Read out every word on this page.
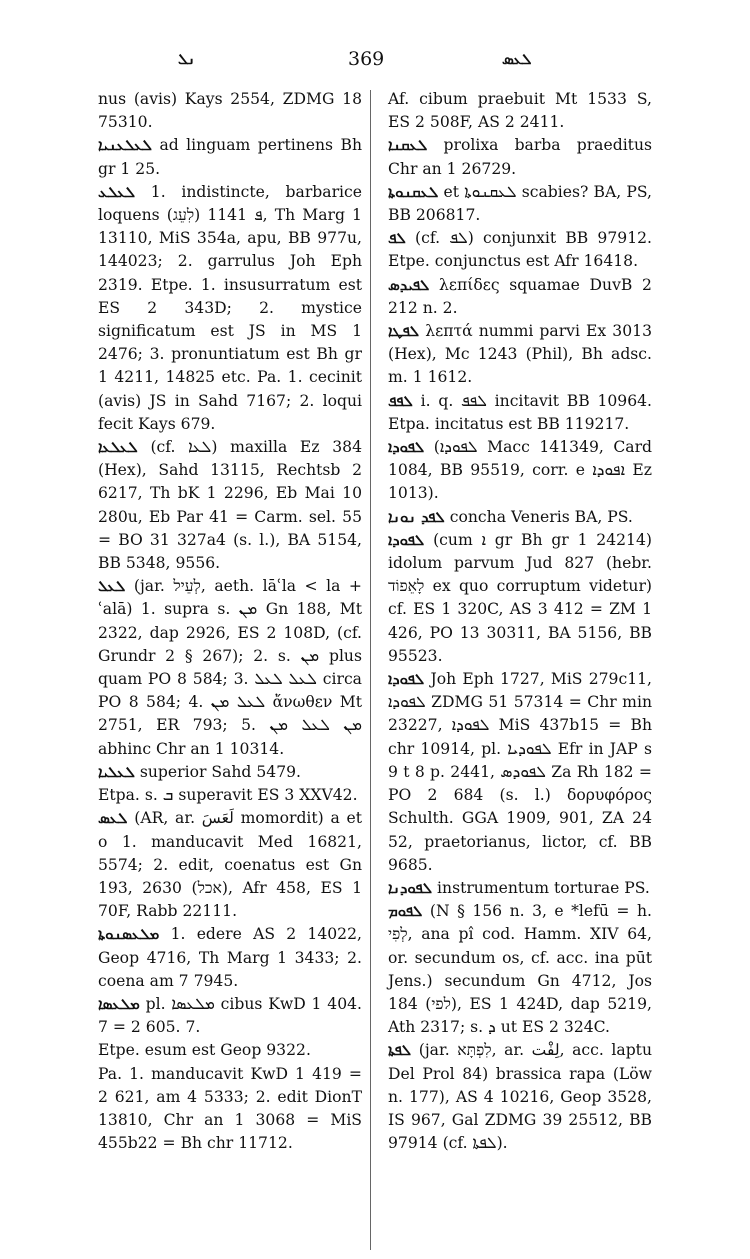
ܢܠ	369	ܠܥܣ

nus (avis) Kays 2554, ZDMG 18 75310.

ܠܥܠܥܢܝܐ ad linguam pertinens Bh gr 1 25.

ܠܥܠܥ 1. indistincte, barbarice loquens ܦ 1141 (לִעֵג), Th Marg 1 13110, MiS 354a, apu, BB 977u, 144023; 2. garrulus Joh Eph 2319. Etpe. 1. insusurratum est ES 2 343D; 2. mystice significatum est JS in MS 1 2476; 3. pronuntiatum est Bh gr 1 4211, 14825 etc. Pa. 1. cecinit (avis) JS in Sahd 7167; 2. loqui fecit Kays 679.

ܠܥܠܥܐ (cf. ܠܥܐ) maxilla Ez 384 (Hex), Sahd 13115, Rechtsb 2 6217, Th bK 1 2296, Eb Mai 10 280u, Eb Par 41 = Carm. sel. 55 = BO 31 327a4 (s. l.), BA 5154, BB 5348, 9556.

ܠܥܠ (jar. לְעֵיל, aeth. lāʿla < la + ʿalā) 1. supra s. ܡܢ Gn 188, Mt 2322, dap 2926, ES 2 108D, (cf. Grundr 2 § 267); 2. s. ܡܢ plus quam PO 8 584; 3. ܠܥܠ ܠܥܠ circa PO 8 584; 4. ܠܥܠ ܡܢ ἄνωθεν Mt 2751, ER 793; 5. ܡܢ ܠܥܠ ܡܢ abhinc Chr an 1 10314.

ܠܥܠܝܐ superior Sahd 5479.

Etpa. s. ܒ superavit ES 3 XXV42.

ܠܥܣ (AR, ar. لَعَسَ momordit) a et o 1. manducavit Med 16821, 5574; 2. edit, coenatus est Gn 193, 2630 (אכל), Afr 458, ES 1 70F, Rabb 22111.

ܡܠܥܣܢܘܬܐ 1. edere AS 2 14022, Geop 4716, Th Marg 1 3433; 2. coena am 7 7945.

ܡܠܥܣܐ pl. ܡܠܥܣܐ cibus KwD 1 404. 7 = 2 605. 7.

Etpe. esum est Geop 9322.

Pa. 1. manducavit KwD 1 419 = 2 621, am 4 5333; 2. edit DionT 13810, Chr an 1 3068 = MiS 455b22 = Bh chr 11712.

Af. cibum praebuit Mt 1533 S, ES 2 508F, AS 2 2411.

ܠܥܩܢܐ prolixa barba praeditus Chr an 1 26729.

ܠܥܩܢܘܬܐ et ܠܥܩܢܘܬܐ scabies? BA, PS, BB 206817.

ܠܦ (cf. ܠܦ) conjunxit BB 97912. Etpe. conjunctus est Afr 16418.

ܠܦܝܕܣ λεπίδες squamae DuvB 2 212 n. 2.

ܠܦܛܐ λεπτά nummi parvi Ex 3013 (Hex), Mc 1243 (Phil), Bh adsc. m. 1 1612.

ܠܦܦ i. q. ܠܦܦ incitavit BB 10964. Etpa. incitatus est BB 119217.

ܠܦܘܕܐ (ܠܦܘܕܐ Macc 141349, Card 1084, BB 95519, corr. e ܐܦܘܕܐ Ez 1013).

ܠܦܕ ܢܘܢܐ concha Veneris BA, PS.

ܠܦܘܕܐ (cum ܐ gr Bh gr 1 24214) idolum parvum Jud 827 (hebr. לָאֵפוֹד ex quo corruptum videtur) cf. ES 1 320C, AS 3 412 = ZM 1 426, PO 13 30311, BA 5156, BB 95523.

ܠܦܘܕܐ Joh Eph 1727, MiS 279c11, ܠܦܘܕܐ ZDMG 51 57314 = Chr min 23227, ܠܦܘܕܐ MiS 437b15 = Bh chr 10914, pl. ܠܦܘܕܝܐ Efr in JAP s 9 t 8 p. 2441, ܠܦܘܕܣ Za Rh 182 = PO 2 684 (s. l.) δορυφόρος Schulth. GGA 1909, 901, ZA 24 52, praetorianus, lictor, cf. BB 9685.

ܠܦܘܕܢܐ instrumentum torturae PS.

ܠܦܘܡ (N § 156 n. 3, e *lefū = h. לְפִי, ana pî cod. Hamm. XIV 64, or. secundum os, cf. acc. ina pūt Jens.) secundum Gn 4712, Jos 184 (לפי), ES 1 424D, dap 5219, Ath 2317; s. ܕ ut ES 2 324C.

ܠܦܬܐ (jar. לִפְתָּא, ar. لِفْت, acc. laptu Del Prol 84) brassica rapa (Löw n. 177), AS 4 10216, Geop 3528, IS 967, Gal ZDMG 39 25512, BB 97914 (cf. ܠܦܬܐ).
